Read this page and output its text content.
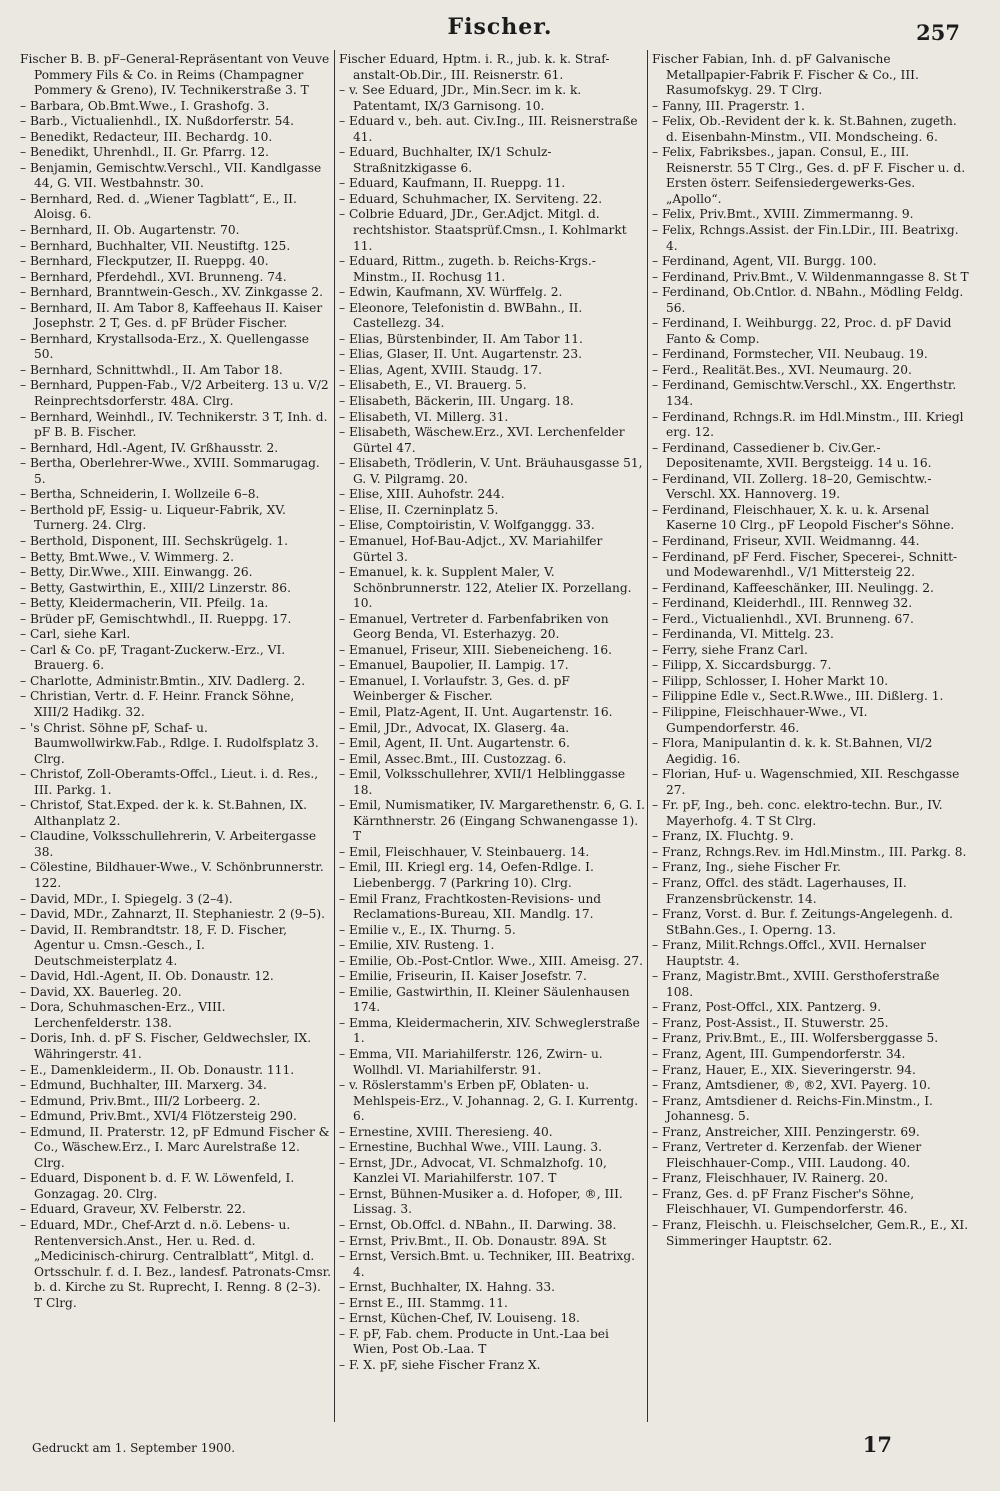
Fischer.	257

Fischer B. B. pF–General-Repräsentant von Veuve Pommery Fils & Co. in Reims (Champagner Pommery & Greno), IV. Technikerstraße 3. T

– Barbara, Ob.Bmt.Wwe., I. Grashofg. 3.

– Barb., Victualienhdl., IX. Nußdorferstr. 54.

– Benedikt, Redacteur, III. Bechardg. 10.

– Benedikt, Uhrenhdl., II. Gr. Pfarrg. 12.

– Benjamin, Gemischtw.Verschl., VII. Kandlgasse 44, G. VII. Westbahnstr. 30.

– Bernhard, Red. d. „Wiener Tagblatt“, E., II. Aloisg. 6.

– Bernhard, II. Ob. Augartenstr. 70.

– Bernhard, Buchhalter, VII. Neustiftg. 125.

– Bernhard, Fleckputzer, II. Rueppg. 40.

– Bernhard, Pferdehdl., XVI. Brunneng. 74.

– Bernhard, Branntwein-Gesch., XV. Zinkgasse 2.

– Bernhard, II. Am Tabor 8, Kaffeehaus II. Kaiser Josephstr. 2 T, Ges. d. pF Brüder Fischer.

– Bernhard, Krystallsoda-Erz., X. Quellengasse 50.

– Bernhard, Schnittwhdl., II. Am Tabor 18.

– Bernhard, Puppen-Fab., V/2 Arbeiterg. 13 u. V/2 Reinprechtsdorferstr. 48A. Clrg.

– Bernhard, Weinhdl., IV. Technikerstr. 3 T, Inh. d. pF B. B. Fischer.

– Bernhard, Hdl.-Agent, IV. Grßhausstr. 2.

– Bertha, Oberlehrer-Wwe., XVIII. Sommarugag. 5.

– Bertha, Schneiderin, I. Wollzeile 6–8.

– Berthold pF, Essig- u. Liqueur-Fabrik, XV. Turnerg. 24. Clrg.

– Berthold, Disponent, III. Sechskrügelg. 1.

– Betty, Bmt.Wwe., V. Wimmerg. 2.

– Betty, Dir.Wwe., XIII. Einwangg. 26.

– Betty, Gastwirthin, E., XIII/2 Linzerstr. 86.

– Betty, Kleidermacherin, VII. Pfeilg. 1a.

– Brüder pF, Gemischtwhdl., II. Rueppg. 17.

– Carl, siehe Karl.

– Carl & Co. pF, Tragant-Zuckerw.-Erz., VI. Brauerg. 6.

– Charlotte, Administr.Bmtin., XIV. Dadlerg. 2.

– Christian, Vertr. d. F. Heinr. Franck Söhne, XIII/2 Hadikg. 32.

– 's Christ. Söhne pF, Schaf- u. Baumwollwirkw.Fab., Rdlge. I. Rudolfsplatz 3. Clrg.

– Christof, Zoll-Oberamts-Offcl., Lieut. i. d. Res., III. Parkg. 1.

– Christof, Stat.Exped. der k. k. St.Bahnen, IX. Althanplatz 2.

– Claudine, Volksschullehrerin, V. Arbeitergasse 38.

– Cölestine, Bildhauer-Wwe., V. Schönbrunnerstr. 122.

– David, MDr., I. Spiegelg. 3 (2–4).

– David, MDr., Zahnarzt, II. Stephaniestr. 2 (9–5).

– David, II. Rembrandtstr. 18, F. D. Fischer, Agentur u. Cmsn.-Gesch., I. Deutschmeisterplatz 4.

– David, Hdl.-Agent, II. Ob. Donaustr. 12.

– David, XX. Bauerleg. 20.

– Dora, Schuhmaschen-Erz., VIII. Lerchenfelderstr. 138.

– Doris, Inh. d. pF S. Fischer, Geldwechsler, IX. Währingerstr. 41.

– E., Damenkleiderm., II. Ob. Donaustr. 111.

– Edmund, Buchhalter, III. Marxerg. 34.

– Edmund, Priv.Bmt., III/2 Lorbeerg. 2.

– Edmund, Priv.Bmt., XVI/4 Flötzersteig 290.

– Edmund, II. Praterstr. 12, pF Edmund Fischer & Co., Wäschew.Erz., I. Marc Aurelstraße 12. Clrg.

– Eduard, Disponent b. d. F. W. Löwenfeld, I. Gonzagag. 20. Clrg.

– Eduard, Graveur, XV. Felberstr. 22.

– Eduard, MDr., Chef-Arzt d. n.ö. Lebens- u. Rentenversich.Anst., Her. u. Red. d. „Medicinisch-chirurg. Centralblatt“, Mitgl. d. Ortsschulr. f. d. I. Bez., landesf. Patronats-Cmsr. b. d. Kirche zu St. Ruprecht, I. Renng. 8 (2–3). T Clrg.

Fischer Eduard, Hptm. i. R., jub. k. k. Straf-anstalt-Ob.Dir., III. Reisnerstr. 61.

– v. See Eduard, JDr., Min.Secr. im k. k. Patentamt, IX/3 Garnisong. 10.

– Eduard v., beh. aut. Civ.Ing., III. Reisnerstraße 41.

– Eduard, Buchhalter, IX/1 Schulz-Straßnitzkigasse 6.

– Eduard, Kaufmann, II. Rueppg. 11.

– Eduard, Schuhmacher, IX. Serviteng. 22.

– Colbrie Eduard, JDr., Ger.Adjct. Mitgl. d. rechtshistor. Staatsprüf.Cmsn., I. Kohlmarkt 11.

– Eduard, Rittm., zugeth. b. Reichs-Krgs.-Minstm., II. Rochusg 11.

– Edwin, Kaufmann, XV. Würffelg. 2.

– Eleonore, Telefonistin d. BWBahn., II. Castellezg. 34.

– Elias, Bürstenbinder, II. Am Tabor 11.

– Elias, Glaser, II. Unt. Augartenstr. 23.

– Elias, Agent, XVIII. Staudg. 17.

– Elisabeth, E., VI. Brauerg. 5.

– Elisabeth, Bäckerin, III. Ungarg. 18.

– Elisabeth, VI. Millerg. 31.

– Elisabeth, Wäschew.Erz., XVI. Lerchenfelder Gürtel 47.

– Elisabeth, Trödlerin, V. Unt. Bräuhausgasse 51, G. V. Pilgramg. 20.

– Elise, XIII. Auhofstr. 244.

– Elise, II. Czerninplatz 5.

– Elise, Comptoiristin, V. Wolfganggg. 33.

– Emanuel, Hof-Bau-Adjct., XV. Mariahilfer Gürtel 3.

– Emanuel, k. k. Supplent Maler, V. Schönbrunnerstr. 122, Atelier IX. Porzellang. 10.

– Emanuel, Vertreter d. Farbenfabriken von Georg Benda, VI. Esterhazyg. 20.

– Emanuel, Friseur, XIII. Siebeneicheng. 16.

– Emanuel, Baupolier, II. Lampig. 17.

– Emanuel, I. Vorlaufstr. 3, Ges. d. pF Weinberger & Fischer.

– Emil, Platz-Agent, II. Unt. Augartenstr. 16.

– Emil, JDr., Advocat, IX. Glaserg. 4a.

– Emil, Agent, II. Unt. Augartenstr. 6.

– Emil, Assec.Bmt., III. Custozzag. 6.

– Emil, Volksschullehrer, XVII/1 Helblinggasse 18.

– Emil, Numismatiker, IV. Margarethenstr. 6, G. I. Kärnthnerstr. 26 (Eingang Schwanengasse 1). T

– Emil, Fleischhauer, V. Steinbauerg. 14.

– Emil, III. Kriegl erg. 14, Oefen-Rdlge. I. Liebenbergg. 7 (Parkring 10). Clrg.

– Emil Franz, Frachtkosten-Revisions- und Reclamations-Bureau, XII. Mandlg. 17.

– Emilie v., E., IX. Thurng. 5.

– Emilie, XIV. Rusteng. 1.

– Emilie, Ob.-Post-Cntlor. Wwe., XIII. Ameisg. 27.

– Emilie, Friseurin, II. Kaiser Josefstr. 7.

– Emilie, Gastwirthin, II. Kleiner Säulenhausen 174.

– Emma, Kleidermacherin, XIV. Schweglerstraße 1.

– Emma, VII. Mariahilferstr. 126, Zwirn- u. Wollhdl. VI. Mariahilferstr. 91.

– v. Röslerstamm's Erben pF, Oblaten- u. Mehlspeis-Erz., V. Johannag. 2, G. I. Kurrentg. 6.

– Ernestine, XVIII. Theresieng. 40.

– Ernestine, Buchhal Wwe., VIII. Laung. 3.

– Ernst, JDr., Advocat, VI. Schmalzhofg. 10, Kanzlei VI. Mariahilferstr. 107. T

– Ernst, Bühnen-Musiker a. d. Hofoper, ®, III. Lissag. 3.

– Ernst, Ob.Offcl. d. NBahn., II. Darwing. 38.

– Ernst, Priv.Bmt., II. Ob. Donaustr. 89A. St

– Ernst, Versich.Bmt. u. Techniker, III. Beatrixg. 4.

– Ernst, Buchhalter, IX. Hahng. 33.

– Ernst E., III. Stammg. 11.

– Ernst, Küchen-Chef, IV. Louiseng. 18.

– F. pF, Fab. chem. Producte in Unt.-Laa bei Wien, Post Ob.-Laa. T

– F. X. pF, siehe Fischer Franz X.

Fischer Fabian, Inh. d. pF Galvanische Metallpapier-Fabrik F. Fischer & Co., III. Rasumofskyg. 29. T Clrg.

– Fanny, III. Pragerstr. 1.

– Felix, Ob.-Revident der k. k. St.Bahnen, zugeth. d. Eisenbahn-Minstm., VII. Mondscheing. 6.

– Felix, Fabriksbes., japan. Consul, E., III. Reisnerstr. 55 T Clrg., Ges. d. pF F. Fischer u. d. Ersten österr. Seifensiedergewerks-Ges. „Apollo“.

– Felix, Priv.Bmt., XVIII. Zimmermanng. 9.

– Felix, Rchngs.Assist. der Fin.LDir., III. Beatrixg. 4.

– Ferdinand, Agent, VII. Burgg. 100.

– Ferdinand, Priv.Bmt., V. Wildenmanngasse 8. St T

– Ferdinand, Ob.Cntlor. d. NBahn., Mödling Feldg. 56.

– Ferdinand, I. Weihburgg. 22, Proc. d. pF David Fanto & Comp.

– Ferdinand, Formstecher, VII. Neubaug. 19.

– Ferd., Realität.Bes., XVI. Neumaurg. 20.

– Ferdinand, Gemischtw.Verschl., XX. Engerthstr. 134.

– Ferdinand, Rchngs.R. im Hdl.Minstm., III. Kriegl erg. 12.

– Ferdinand, Cassediener b. Civ.Ger.-Depositenamte, XVII. Bergsteigg. 14 u. 16.

– Ferdinand, VII. Zollerg. 18–20, Gemischtw.-Verschl. XX. Hannoverg. 19.

– Ferdinand, Fleischhauer, X. k. u. k. Arsenal Kaserne 10 Clrg., pF Leopold Fischer's Söhne.

– Ferdinand, Friseur, XVII. Weidmanng. 44.

– Ferdinand, pF Ferd. Fischer, Specerei-, Schnitt- und Modewarenhdl., V/1 Mittersteig 22.

– Ferdinand, Kaffeeschänker, III. Neulingg. 2.

– Ferdinand, Kleiderhdl., III. Rennweg 32.

– Ferd., Victualienhdl., XVI. Brunneng. 67.

– Ferdinanda, VI. Mittelg. 23.

– Ferry, siehe Franz Carl.

– Filipp, X. Siccardsburgg. 7.

– Filipp, Schlosser, I. Hoher Markt 10.

– Filippine Edle v., Sect.R.Wwe., III. Dißlerg. 1.

– Filippine, Fleischhauer-Wwe., VI. Gumpendorferstr. 46.

– Flora, Manipulantin d. k. k. St.Bahnen, VI/2 Aegidig. 16.

– Florian, Huf- u. Wagenschmied, XII. Reschgasse 27.

– Fr. pF, Ing., beh. conc. elektro-techn. Bur., IV. Mayerhofg. 4. T St Clrg.

– Franz, IX. Fluchtg. 9.

– Franz, Rchngs.Rev. im Hdl.Minstm., III. Parkg. 8.

– Franz, Ing., siehe Fischer Fr.

– Franz, Offcl. des städt. Lagerhauses, II. Franzensbrückenstr. 14.

– Franz, Vorst. d. Bur. f. Zeitungs-Angelegenh. d. StBahn.Ges., I. Operng. 13.

– Franz, Milit.Rchngs.Offcl., XVII. Hernalser Hauptstr. 4.

– Franz, Magistr.Bmt., XVIII. Gersthoferstraße 108.

– Franz, Post-Offcl., XIX. Pantzerg. 9.

– Franz, Post-Assist., II. Stuwerstr. 25.

– Franz, Priv.Bmt., E., III. Wolfersberggasse 5.

– Franz, Agent, III. Gumpendorferstr. 34.

– Franz, Hauer, E., XIX. Sieveringerstr. 94.

– Franz, Amtsdiener, ®, ®2, XVI. Payerg. 10.

– Franz, Amtsdiener d. Reichs-Fin.Minstm., I. Johannesg. 5.

– Franz, Anstreicher, XIII. Penzingerstr. 69.

– Franz, Vertreter d. Kerzenfab. der Wiener Fleischhauer-Comp., VIII. Laudong. 40.

– Franz, Fleischhauer, IV. Rainerg. 20.

– Franz, Ges. d. pF Franz Fischer's Söhne, Fleischhauer, VI. Gumpendorferstr. 46.

– Franz, Fleischh. u. Fleischselcher, Gem.R., E., XI. Simmeringer Hauptstr. 62.

Gedruckt am 1. September 1900.	17
